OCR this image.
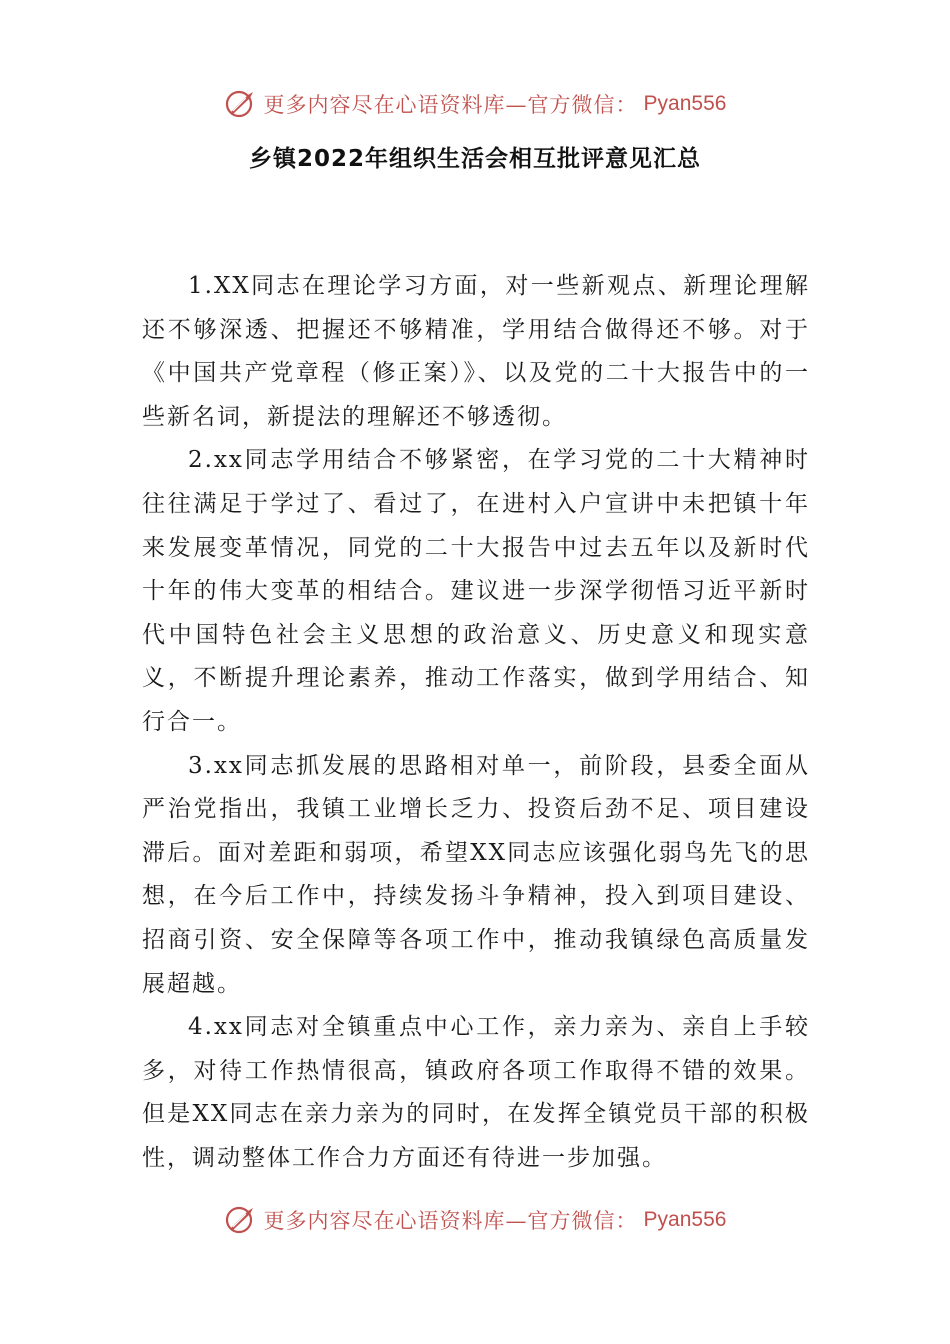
更多内容尽在心语资料库—官方微信： Pyan556
乡镇2022年组织生活会相互批评意见汇总

1.XX同志在理论学习方面，对一些新观点、新理论理解还不够深透、把握还不够精准，学用结合做得还不够。对于《中国共产党章程（修正案）》、以及党的二十大报告中的一些新名词，新提法的理解还不够透彻。

2.xx同志学用结合不够紧密，在学习党的二十大精神时往往满足于学过了、看过了，在进村入户宣讲中未把镇十年来发展变革情况，同党的二十大报告中过去五年以及新时代十年的伟大变革的相结合。建议进一步深学彻悟习近平新时代中国特色社会主义思想的政治意义、历史意义和现实意义，不断提升理论素养，推动工作落实，做到学用结合、知行合一。

3.xx同志抓发展的思路相对单一，前阶段，县委全面从严治党指出，我镇工业增长乏力、投资后劲不足、项目建设滞后。面对差距和弱项，希望XX同志应该强化弱鸟先飞的思想，在今后工作中，持续发扬斗争精神，投入到项目建设、招商引资、安全保障等各项工作中，推动我镇绿色高质量发展超越。

4.xx同志对全镇重点中心工作，亲力亲为、亲自上手较多，对待工作热情很高，镇政府各项工作取得不错的效果。但是XX同志在亲力亲为的同时，在发挥全镇党员干部的积极性，调动整体工作合力方面还有待进一步加强。

更多内容尽在心语资料库—官方微信： Pyan556
